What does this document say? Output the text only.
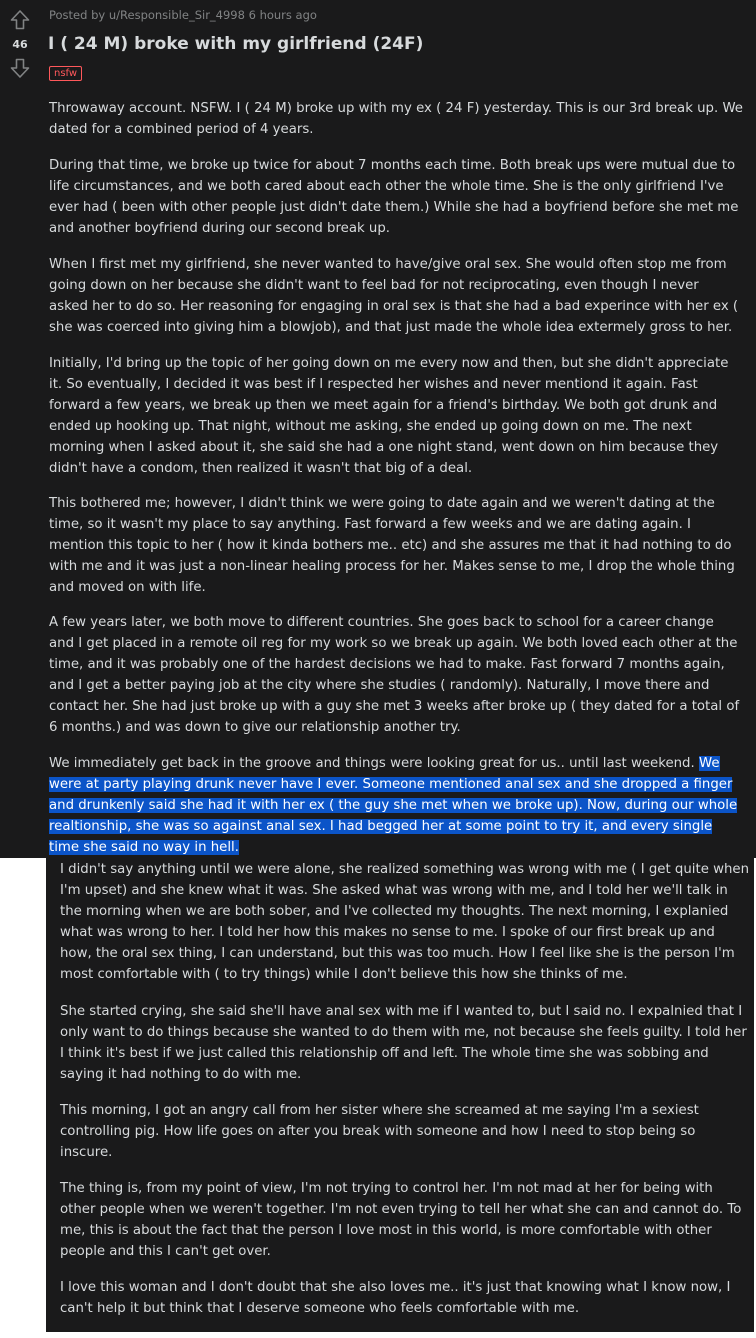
46
Posted by u/Responsible_Sir_4998 6 hours ago
I ( 24 M) broke with my girlfriend (24F)
nsfw

Throwaway account. NSFW. I ( 24 M) broke up with my ex ( 24 F) yesterday. This is our 3rd break up. We
dated for a combined period of 4 years.

During that time, we broke up twice for about 7 months each time. Both break ups were mutual due to
life circumstances, and we both cared about each other the whole time. She is the only girlfriend I've
ever had ( been with other people just didn't date them.) While she had a boyfriend before she met me
and another boyfriend during our second break up.

When I first met my girlfriend, she never wanted to have/give oral sex. She would often stop me from
going down on her because she didn't want to feel bad for not reciprocating, even though I never
asked her to do so. Her reasoning for engaging in oral sex is that she had a bad experince with her ex (
she was coerced into giving him a blowjob), and that just made the whole idea extermely gross to her.

Initially, I'd bring up the topic of her going down on me every now and then, but she didn't appreciate
it. So eventually, I decided it was best if I respected her wishes and never mentiond it again. Fast
forward a few years, we break up then we meet again for a friend's birthday. We both got drunk and
ended up hooking up. That night, without me asking, she ended up going down on me. The next
morning when I asked about it, she said she had a one night stand, went down on him because they
didn't have a condom, then realized it wasn't that big of a deal.

This bothered me; however, I didn't think we were going to date again and we weren't dating at the
time, so it wasn't my place to say anything. Fast forward a few weeks and we are dating again. I
mention this topic to her ( how it kinda bothers me.. etc) and she assures me that it had nothing to do
with me and it was just a non-linear healing process for her. Makes sense to me, I drop the whole thing
and moved on with life.

A few years later, we both move to different countries. She goes back to school for a career change
and I get placed in a remote oil reg for my work so we break up again. We both loved each other at the
time, and it was probably one of the hardest decisions we had to make. Fast forward 7 months again,
and I get a better paying job at the city where she studies ( randomly). Naturally, I move there and
contact her. She had just broke up with a guy she met 3 weeks after broke up ( they dated for a total of
6 months.) and was down to give our relationship another try.

We immediately get back in the groove and things were looking great for us.. until last weekend. We
were at party playing drunk never have I ever. Someone mentioned anal sex and she dropped a finger
and drunkenly said she had it with her ex ( the guy she met when we broke up). Now, during our whole
realtionship, she was so against anal sex. I had begged her at some point to try it, and every single
time she said no way in hell.

I didn't say anything until we were alone, she realized something was wrong with me ( I get quite when
I'm upset) and she knew what it was. She asked what was wrong with me, and I told her we'll talk in
the morning when we are both sober, and I've collected my thoughts. The next morning, I explanied
what was wrong to her. I told her how this makes no sense to me. I spoke of our first break up and
how, the oral sex thing, I can understand, but this was too much. How I feel like she is the person I'm
most comfortable with ( to try things) while I don't believe this how she thinks of me.

She started crying, she said she'll have anal sex with me if I wanted to, but I said no. I expalnied that I
only want to do things because she wanted to do them with me, not because she feels guilty. I told her
I think it's best if we just called this relationship off and left. The whole time she was sobbing and
saying it had nothing to do with me.

This morning, I got an angry call from her sister where she screamed at me saying I'm a sexiest
controlling pig. How life goes on after you break with someone and how I need to stop being so
inscure.

The thing is, from my point of view, I'm not trying to control her. I'm not mad at her for being with
other people when we weren't together. I'm not even trying to tell her what she can and cannot do. To
me, this is about the fact that the person I love most in this world, is more comfortable with other
people and this I can't get over.

I love this woman and I don't doubt that she also loves me.. it's just that knowing what I know now, I
can't help it but think that I deserve someone who feels comfortable with me.
